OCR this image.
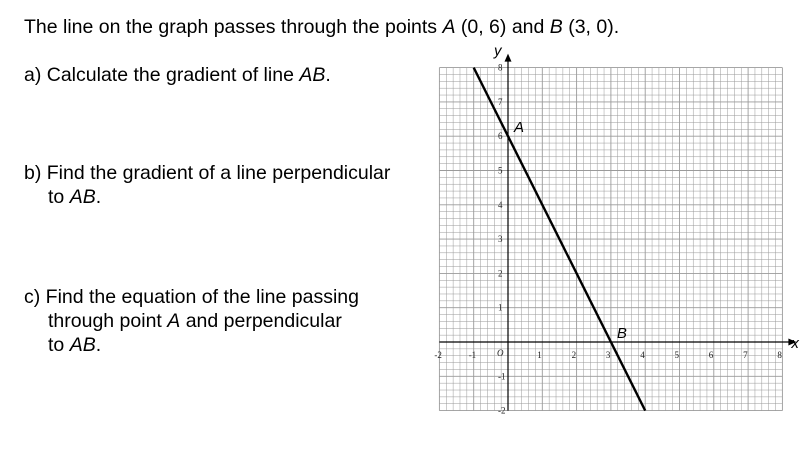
The line on the graph passes through the points A (0, 6) and B (3, 0).
a) Calculate the gradient of line AB.
b) Find the gradient of a line perpendicular
to AB.
c) Find the equation of the line passing
through point A and perpendicular
to AB.	x
y
-2	-1	1	2	3	4	5	6	7	8
-2
-1
1
2
3
4
5
6
7
8
O
A
B
